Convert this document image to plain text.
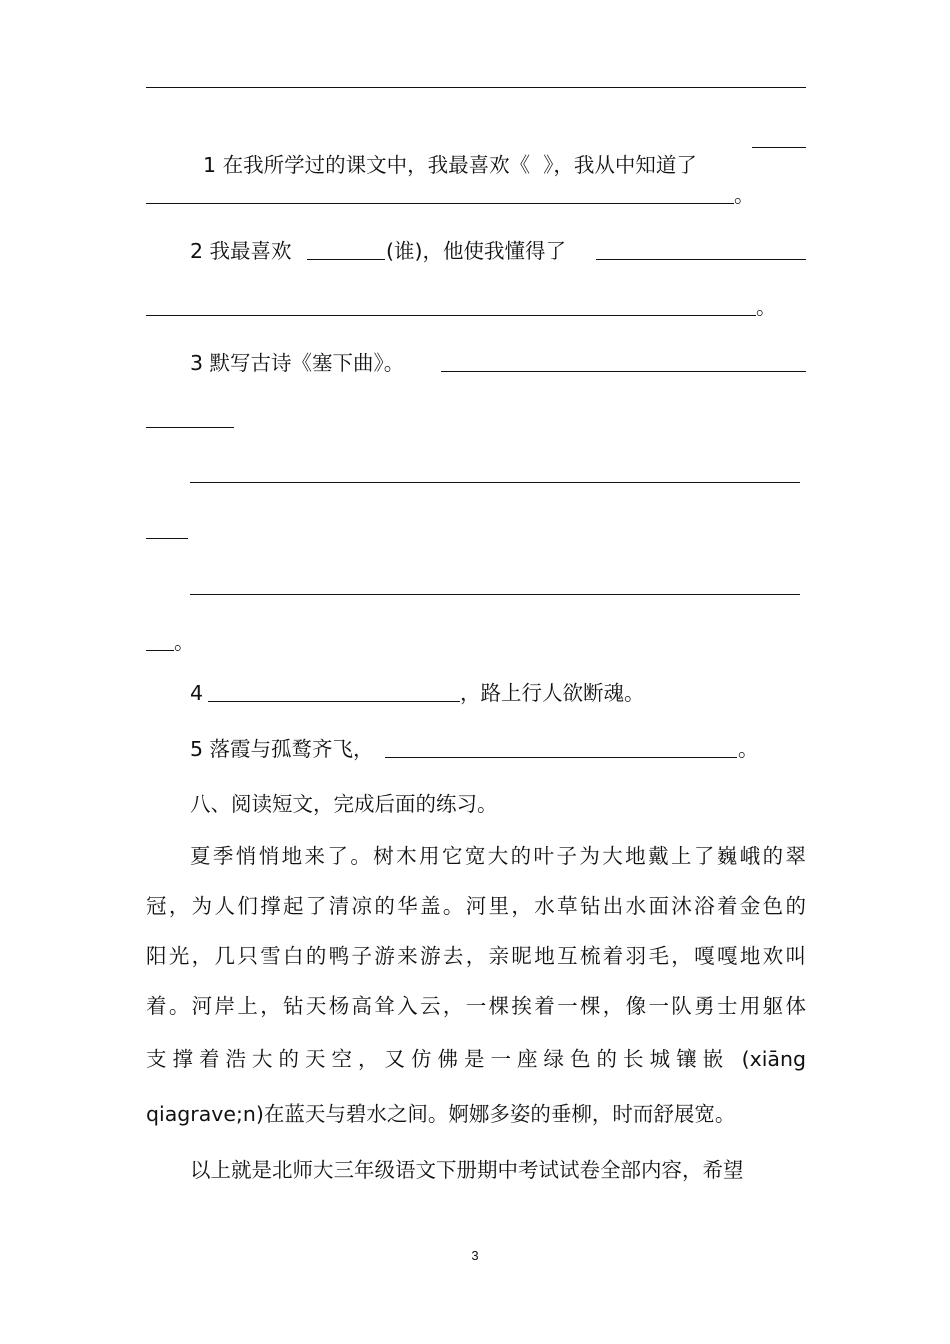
1 在我所学过的课文中，我最喜欢《  》，我从中知道了

。
2 我最喜欢	(谁)，他使我懂得了
。
3 默写古诗《塞下曲》。
。
4	，路上行人欲断魂。
5 落霞与孤鹜齐飞，	。
八、阅读短文，完成后面的练习。
夏季悄悄地来了。树木用它宽大的叶子为大地戴上了巍峨的翠
冠，为人们撑起了清凉的华盖。河里，水草钻出水面沐浴着金色的
阳光，几只雪白的鸭子游来游去，亲昵地互梳着羽毛，嘎嘎地欢叫
着。河岸上，钻天杨高耸入云，一棵挨着一棵，像一队勇士用躯体
支撑着浩大的天空，又仿佛是一座绿色的长城镶嵌 (xiāng
qiagrave;n)在蓝天与碧水之间。婀娜多姿的垂柳，时而舒展宽。
以上就是北师大三年级语文下册期中考试试卷全部内容，希望
3
